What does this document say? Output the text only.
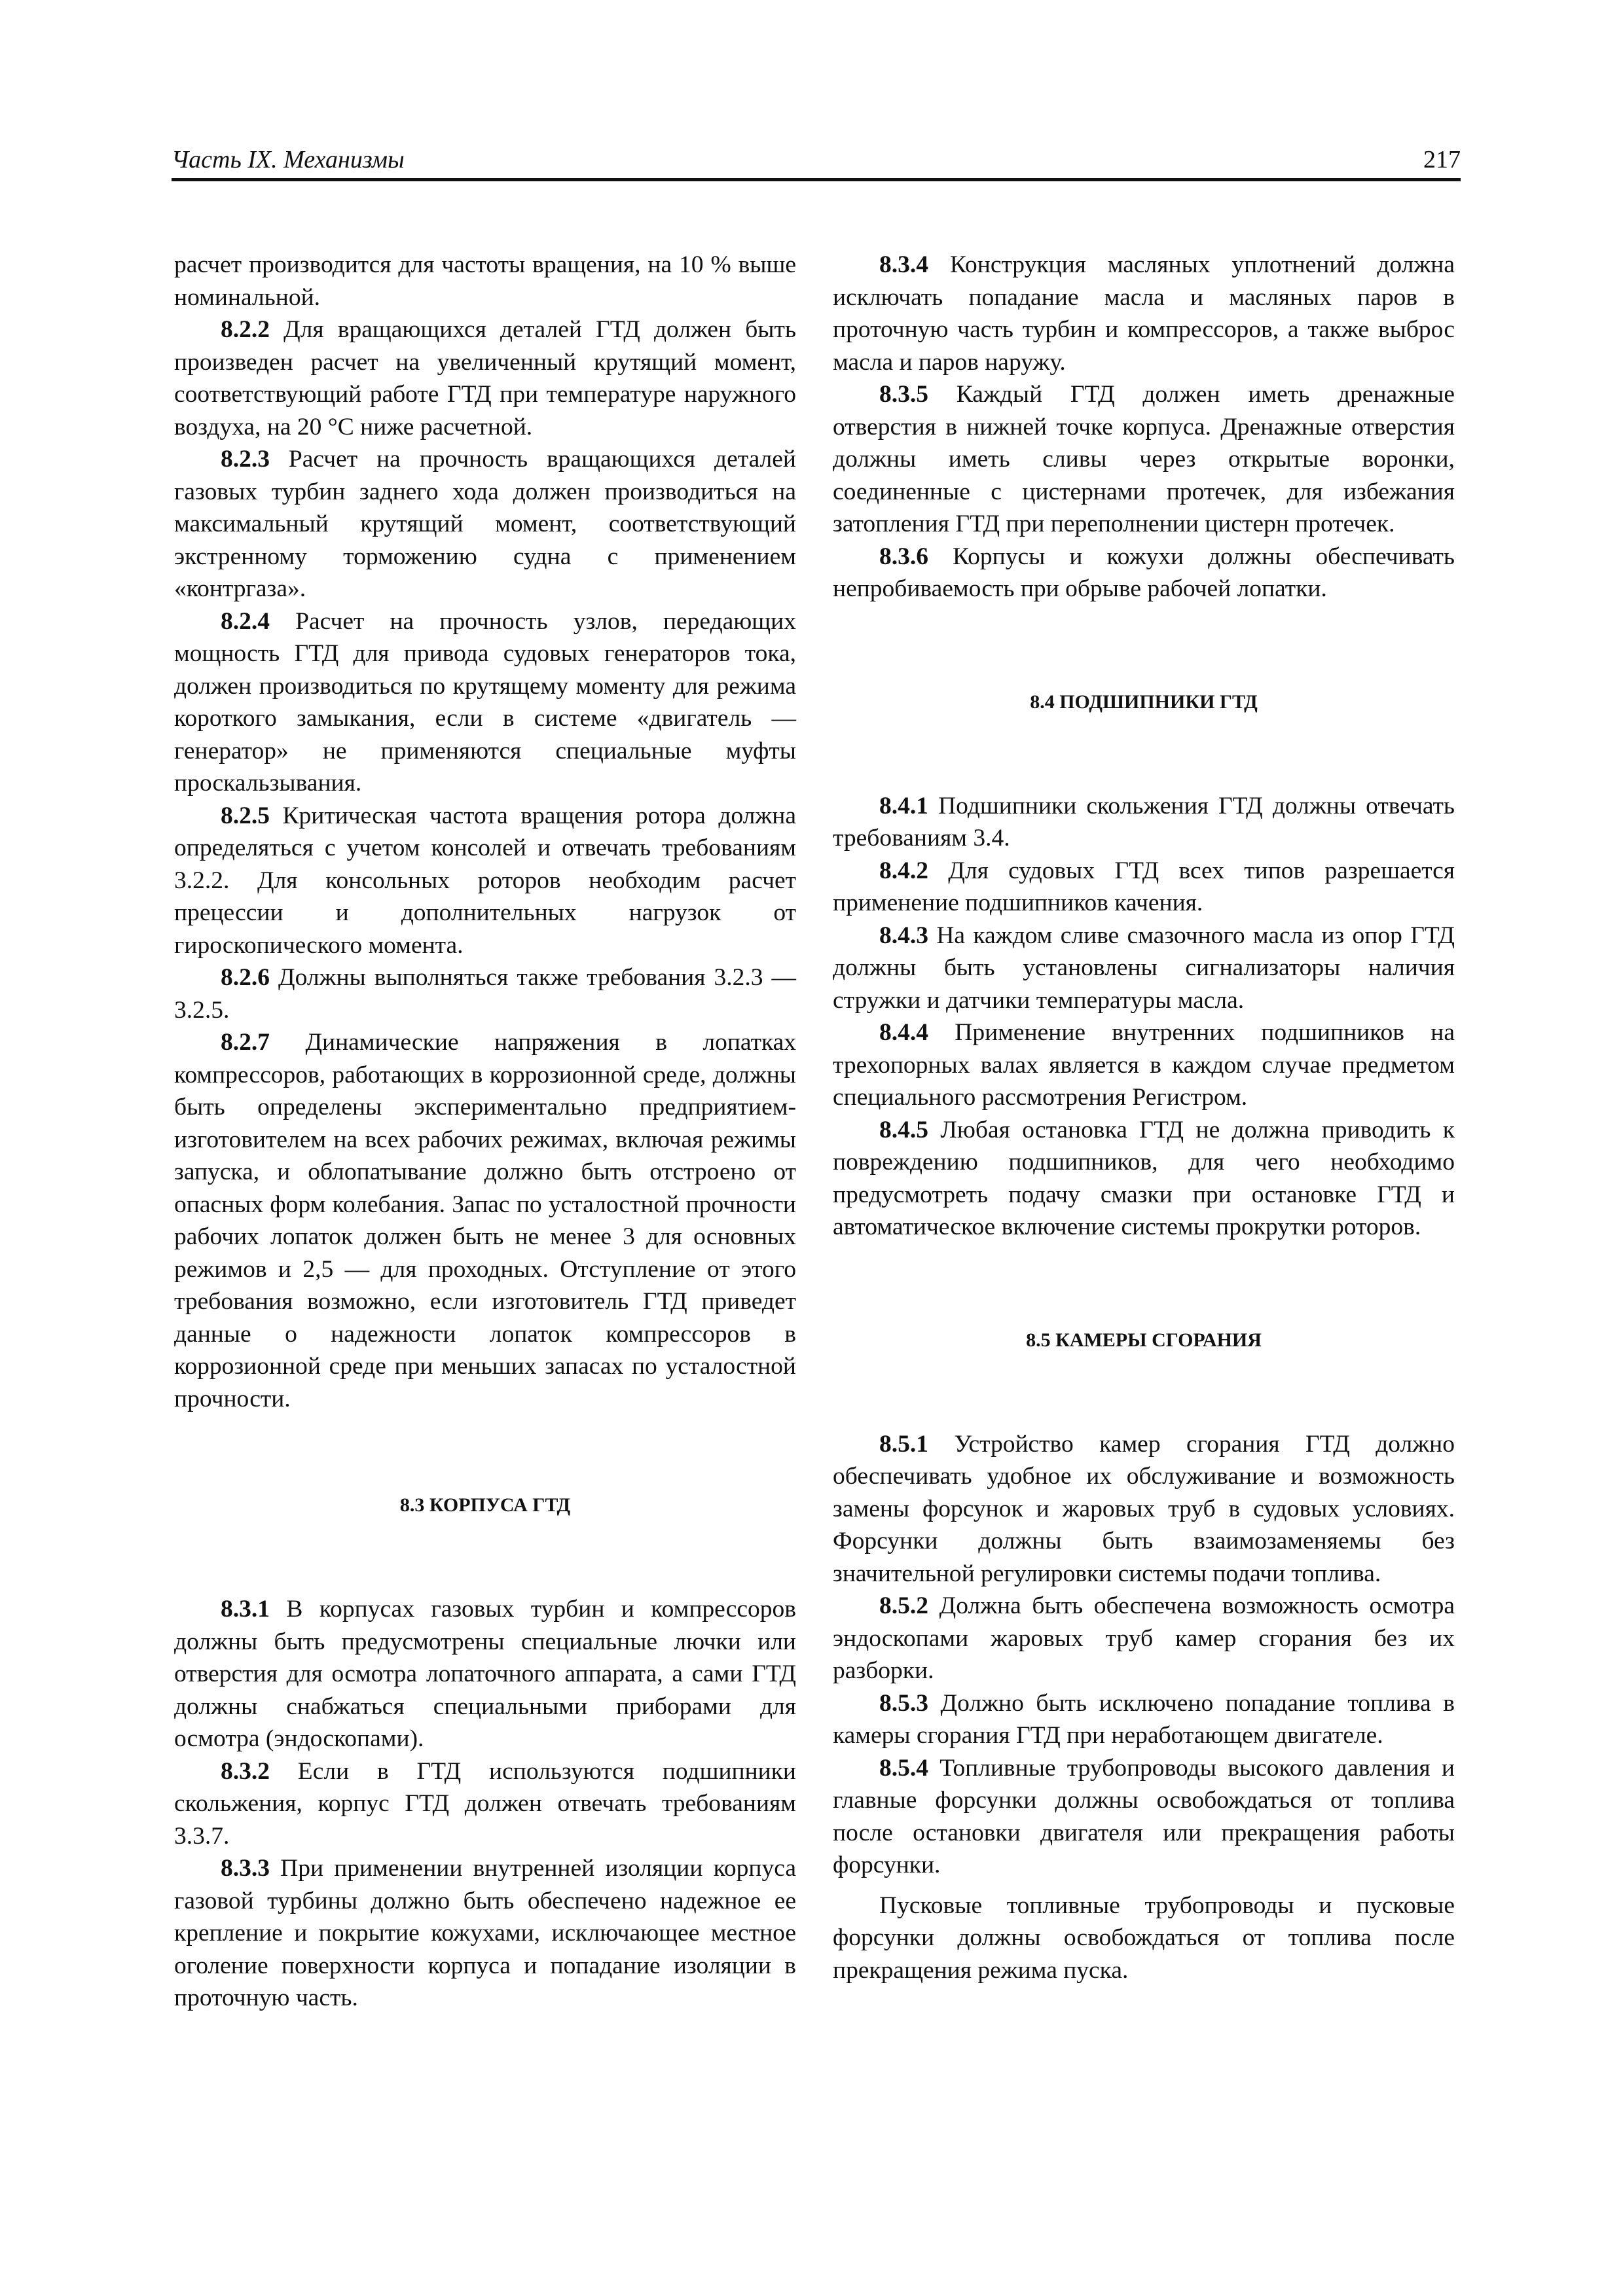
Часть IX. Механизмы	217

расчет производится для частоты вращения, на 10 % выше номинальной.

8.2.2 Для вращающихся деталей ГТД должен быть произведен расчет на увеличенный крутящий момент, соответствующий работе ГТД при температуре наружного воздуха, на 20 °C ниже расчетной.

8.2.3 Расчет на прочность вращающихся деталей газовых турбин заднего хода должен производиться на максимальный крутящий момент, соответствующий экстренному торможению судна с применением «контргаза».

8.2.4 Расчет на прочность узлов, передающих мощность ГТД для привода судовых генераторов тока, должен производиться по крутящему моменту для режима короткого замыкания, если в системе «двигатель — генератор» не применяются специальные муфты проскальзывания.

8.2.5 Критическая частота вращения ротора должна определяться с учетом консолей и отвечать требованиям 3.2.2. Для консольных роторов необходим расчет прецессии и дополнительных нагрузок от гироскопического момента.

8.2.6 Должны выполняться также требования 3.2.3 — 3.2.5.

8.2.7 Динамические напряжения в лопатках компрессоров, работающих в коррозионной среде, должны быть определены экспериментально предприятием-изготовителем на всех рабочих режимах, включая режимы запуска, и облопатывание должно быть отстроено от опасных форм колебания. Запас по усталостной прочности рабочих лопаток должен быть не менее 3 для основных режимов и 2,5 — для проходных. Отступление от этого требования возможно, если изготовитель ГТД приведет данные о надежности лопаток компрессоров в коррозионной среде при меньших запасах по усталостной прочности.

8.3 КОРПУСА ГТД

8.3.1 В корпусах газовых турбин и компрессоров должны быть предусмотрены специальные лючки или отверстия для осмотра лопаточного аппарата, а сами ГТД должны снабжаться специальными приборами для осмотра (эндоскопами).

8.3.2 Если в ГТД используются подшипники скольжения, корпус ГТД должен отвечать требованиям 3.3.7.

8.3.3 При применении внутренней изоляции корпуса газовой турбины должно быть обеспечено надежное ее крепление и покрытие кожухами, исключающее местное оголение поверхности корпуса и попадание изоляции в проточную часть.

8.3.4 Конструкция масляных уплотнений должна исключать попадание масла и масляных паров в проточную часть турбин и компрессоров, а также выброс масла и паров наружу.

8.3.5 Каждый ГТД должен иметь дренажные отверстия в нижней точке корпуса. Дренажные отверстия должны иметь сливы через открытые воронки, соединенные с цистернами протечек, для избежания затопления ГТД при переполнении цистерн протечек.

8.3.6 Корпусы и кожухи должны обеспечивать непробиваемость при обрыве рабочей лопатки.

8.4 ПОДШИПНИКИ ГТД

8.4.1 Подшипники скольжения ГТД должны отвечать требованиям 3.4.

8.4.2 Для судовых ГТД всех типов разрешается применение подшипников качения.

8.4.3 На каждом сливе смазочного масла из опор ГТД должны быть установлены сигнализаторы наличия стружки и датчики температуры масла.

8.4.4 Применение внутренних подшипников на трехопорных валах является в каждом случае предметом специального рассмотрения Регистром.

8.4.5 Любая остановка ГТД не должна приводить к повреждению подшипников, для чего необходимо предусмотреть подачу смазки при остановке ГТД и автоматическое включение системы прокрутки роторов.

8.5 КАМЕРЫ СГОРАНИЯ

8.5.1 Устройство камер сгорания ГТД должно обеспечивать удобное их обслуживание и возможность замены форсунок и жаровых труб в судовых условиях. Форсунки должны быть взаимозаменяемы без значительной регулировки системы подачи топлива.

8.5.2 Должна быть обеспечена возможность осмотра эндоскопами жаровых труб камер сгорания без их разборки.

8.5.3 Должно быть исключено попадание топлива в камеры сгорания ГТД при неработающем двигателе.

8.5.4 Топливные трубопроводы высокого давления и главные форсунки должны освобождаться от топлива после остановки двигателя или прекращения работы форсунки.

Пусковые топливные трубопроводы и пусковые форсунки должны освобождаться от топлива после прекращения режима пуска.
